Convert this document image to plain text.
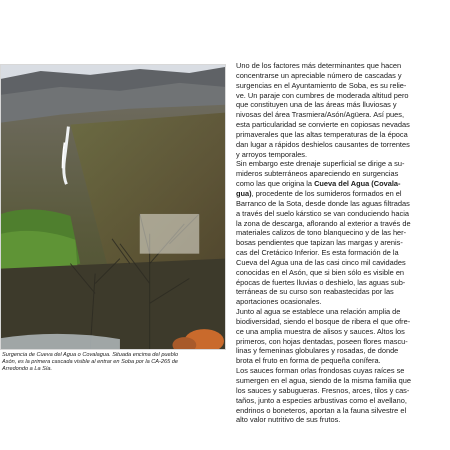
Surgencia de Cueva del Agua o Covalagua. Situada encima del pueblo
Asón, es la primera cascada visible al entrar en Soba por la CA-265 de
Arredondo a La Sía.
Uno de los factores más determinantes que hacen
concentrarse un apreciable número de cascadas y
surgencias en el Ayuntamiento de Soba, es su relie-
ve. Un paraje con cumbres de moderada altitud pero
que constituyen una de las áreas más lluviosas y
nivosas del área Trasmiera/Asón/Agüera. Así pues,
esta particularidad se convierte en copiosas nevadas
primaverales que las altas temperaturas de la época
dan lugar a rápidos deshielos causantes de torrentes
y arroyos temporales.
Sin embargo este drenaje superficial se dirige a su-
mideros subterráneos apareciendo en surgencias
como las que origina la Cueva del Agua (Covala-
gua), procedente de los sumideros formados en el
Barranco de la Sota, desde donde las aguas filtradas
a través del suelo kárstico se van conduciendo hacia
la zona de descarga, aflorando al exterior a través de
materiales calizos de tono blanquecino y de las her-
bosas pendientes que tapizan las margas y arenis-
cas del Cretácico Inferior. Es esta formación de la
Cueva del Agua una de las casi cinco mil cavidades
conocidas en el Asón, que si bien sólo es visible en
épocas de fuertes lluvias o deshielo, las aguas sub-
terráneas de su curso son reabastecidas por las
aportaciones ocasionales.
Junto al agua se establece una relación amplia de
biodiversidad, siendo el bosque de ribera el que ofre-
ce una amplia muestra de alisos y sauces. Altos los
primeros, con hojas dentadas, poseen flores mascu-
linas y femeninas globulares y rosadas, de donde
brota el fruto en forma de pequeña conífera.
Los sauces forman orlas frondosas cuyas raíces se
sumergen en el agua, siendo de la misma familia que
los sauces y sabugueras. Fresnos, arces, tilos y cas-
taños, junto a especies arbustivas como el avellano,
endrinos o boneteros, aportan a la fauna silvestre el
alto valor nutritivo de sus frutos.
